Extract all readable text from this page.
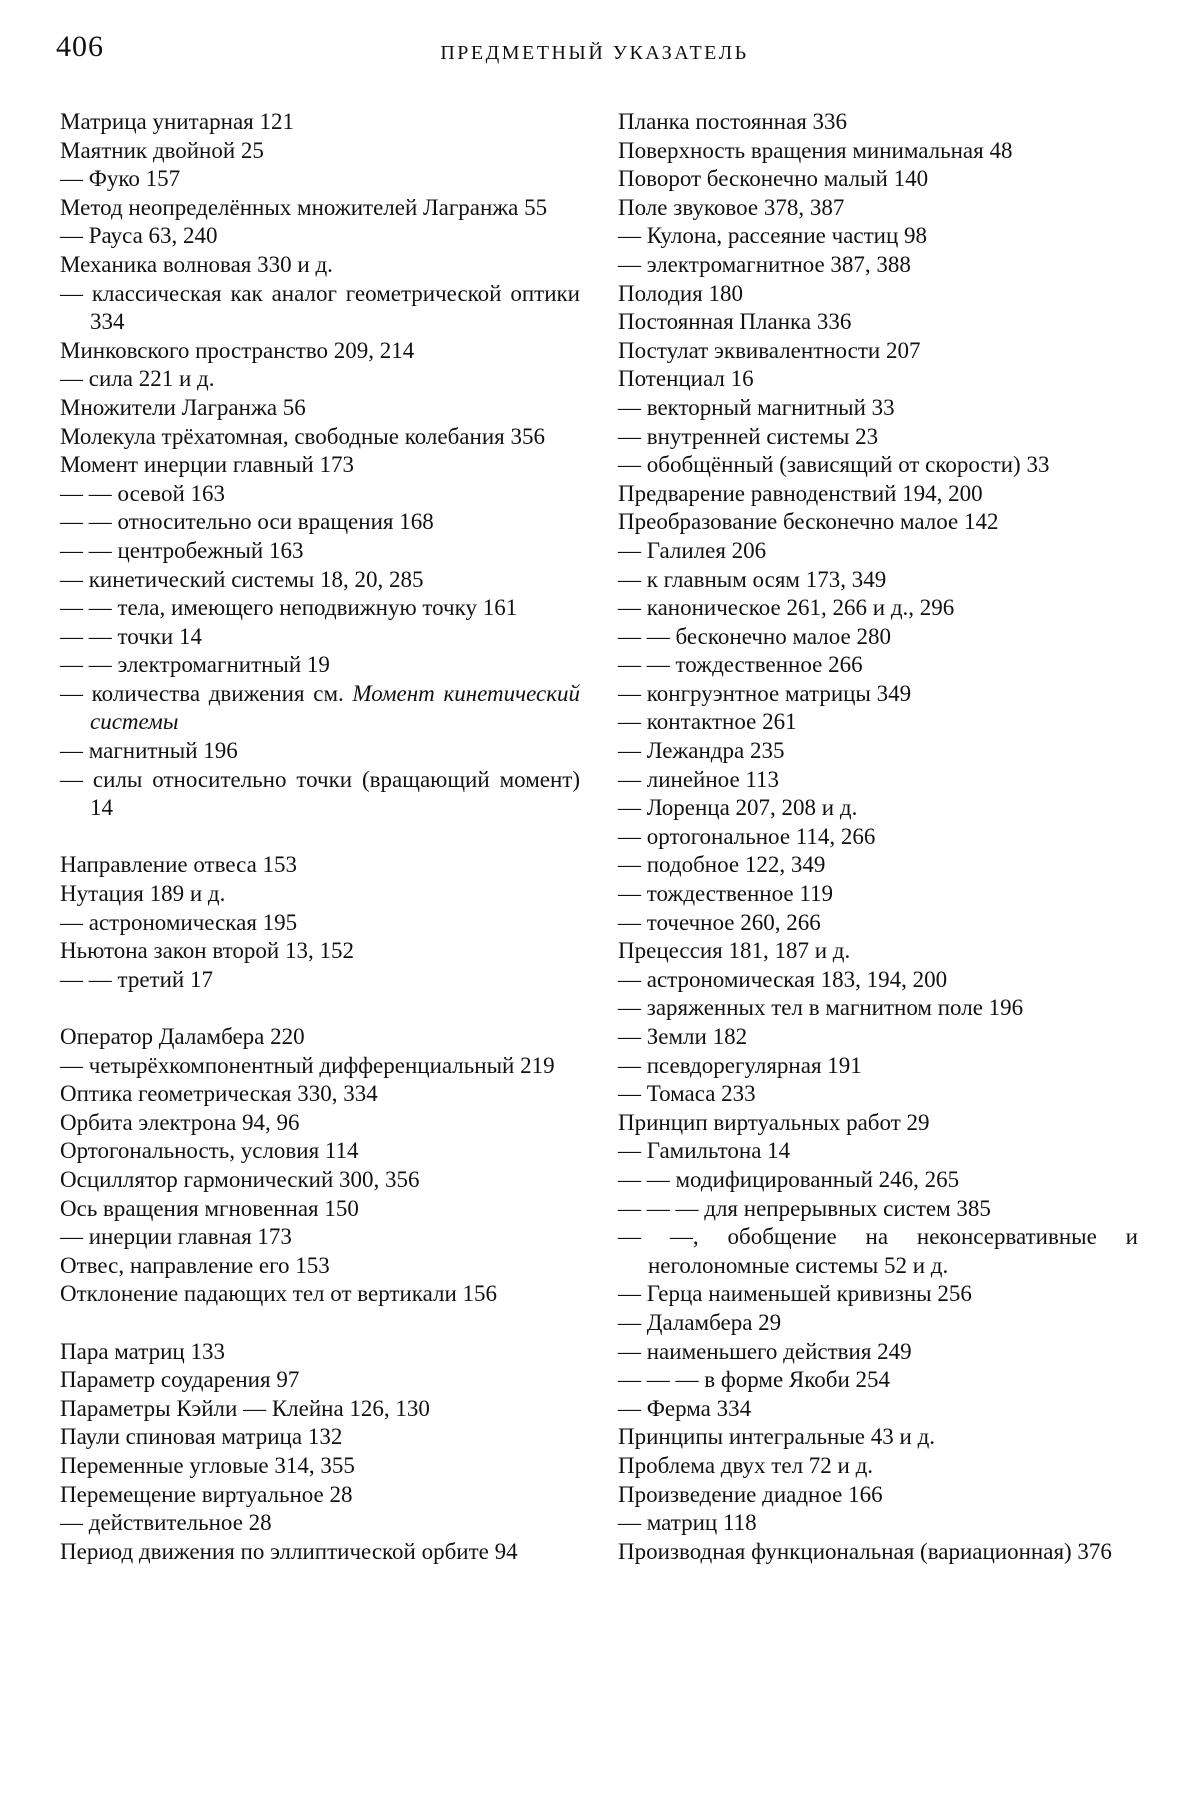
406	ПРЕДМЕТНЫЙ УКАЗАТЕЛЬ

Матрица унитарная 121

Маятник двойной 25

— Фуко 157

Метод неопределённых множителей Лагранжа 55

— Рауса 63, 240

Механика волновая 330 и д.

— классическая как аналог геометрической оптики 334

Минковского пространство 209, 214

— сила 221 и д.

Множители Лагранжа 56

Молекула трёхатомная, свободные колебания 356

Момент инерции главный 173

— — осевой 163

— — относительно оси вращения 168

— — центробежный 163

— кинетический системы 18, 20, 285

— — тела, имеющего неподвижную точку 161

— — точки 14

— — электромагнитный 19

— количества движения см. Момент кинетический системы

— магнитный 196

— силы относительно точки (вращающий момент) 14

Направление отвеса 153

Нутация 189 и д.

— астрономическая 195

Ньютона закон второй 13, 152

— — третий 17

Оператор Даламбера 220

— четырёхкомпонентный дифференциальный 219

Оптика геометрическая 330, 334

Орбита электрона 94, 96

Ортогональность, условия 114

Осциллятор гармонический 300, 356

Ось вращения мгновенная 150

— инерции главная 173

Отвес, направление его 153

Отклонение падающих тел от вертикали 156

Пара матриц 133

Параметр соударения 97

Параметры Кэйли — Клейна 126, 130

Паули спиновая матрица 132

Переменные угловые 314, 355

Перемещение виртуальное 28

— действительное 28

Период движения по эллиптической орбите 94

Планка постоянная 336

Поверхность вращения минимальная 48

Поворот бесконечно малый 140

Поле звуковое 378, 387

— Кулона, рассеяние частиц 98

— электромагнитное 387, 388

Полодия 180

Постоянная Планка 336

Постулат эквивалентности 207

Потенциал 16

— векторный магнитный 33

— внутренней системы 23

— обобщённый (зависящий от скорости) 33

Предварение равноденствий 194, 200

Преобразование бесконечно малое 142

— Галилея 206

— к главным осям 173, 349

— каноническое 261, 266 и д., 296

— — бесконечно малое 280

— — тождественное 266

— конгруэнтное матрицы 349

— контактное 261

— Лежандра 235

— линейное 113

— Лоренца 207, 208 и д.

— ортогональное 114, 266

— подобное 122, 349

— тождественное 119

— точечное 260, 266

Прецессия 181, 187 и д.

— астрономическая 183, 194, 200

— заряженных тел в магнитном поле 196

— Земли 182

— псевдорегулярная 191

— Томаса 233

Принцип виртуальных работ 29

— Гамильтона 14

— — модифицированный 246, 265

— — — для непрерывных систем 385

— —, обобщение на неконсервативные и неголономные системы 52 и д.

— Герца наименьшей кривизны 256

— Даламбера 29

— наименьшего действия 249

— — — в форме Якоби 254

— Ферма 334

Принципы интегральные 43 и д.

Проблема двух тел 72 и д.

Произведение диадное 166

— матриц 118

Производная функциональная (вариационная) 376
